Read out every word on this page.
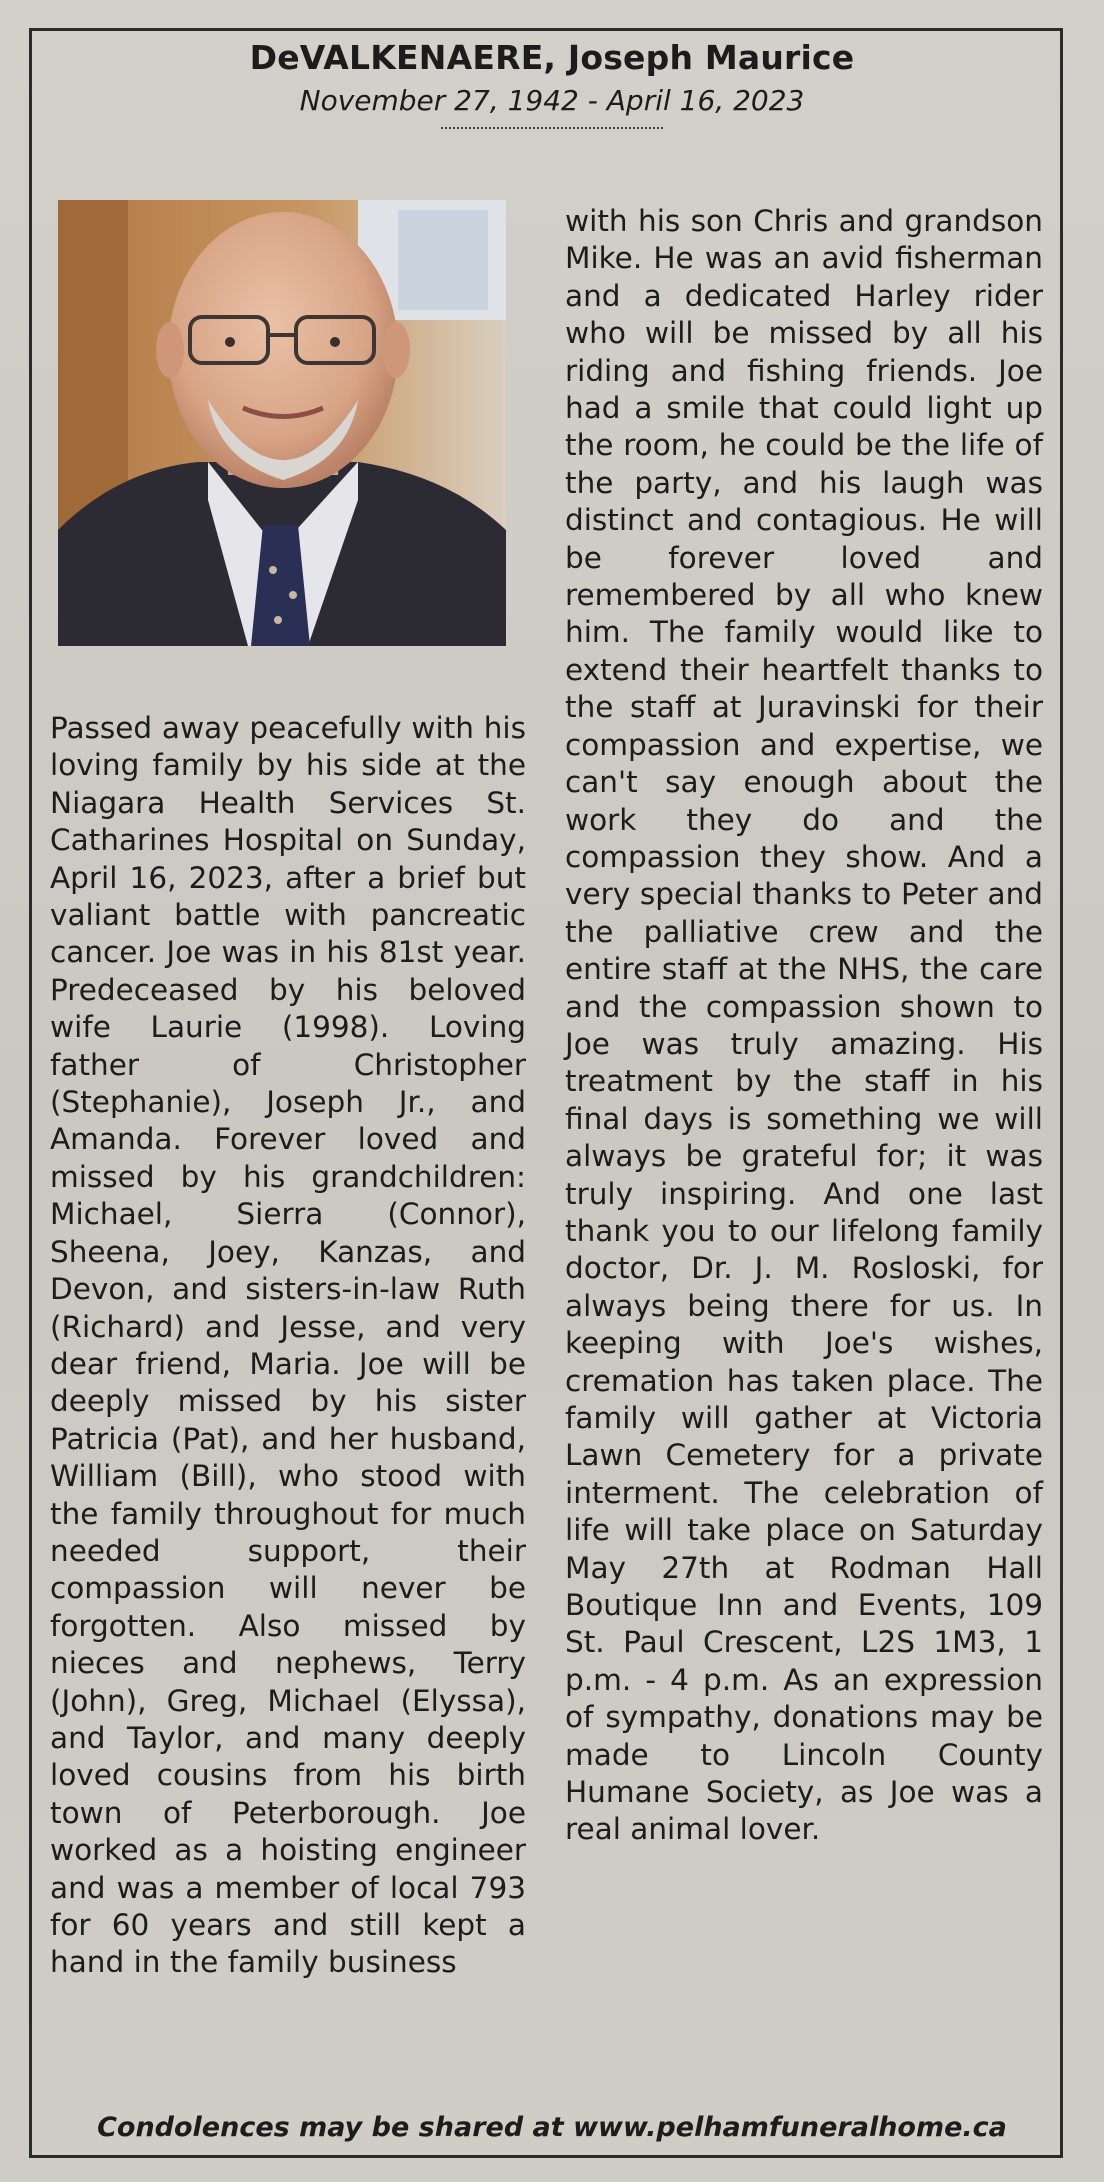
DeVALKENAERE, Joseph Maurice
November 27, 1942 - April 16, 2023
Passed away peacefully with his loving family by his side at the Niagara Health Services St. Catharines Hospital on Sunday, April 16, 2023, after a brief but valiant battle with pancreatic cancer. Joe was in his 81st year. Predeceased by his beloved wife Laurie (1998). Loving father of Christopher (Stephanie), Joseph Jr., and Amanda. Forever loved and missed by his grandchildren: Michael, Sierra (Connor), Sheena, Joey, Kanzas, and Devon, and sisters-in-law Ruth (Richard) and Jesse, and very dear friend, Maria. Joe will be deeply missed by his sister Patricia (Pat), and her husband, William (Bill), who stood with the family throughout for much needed support, their compassion will never be forgotten. Also missed by nieces and nephews, Terry (John), Greg, Michael (Elyssa), and Taylor, and many deeply loved cousins from his birth town of Peterborough. Joe worked as a hoisting engineer and was a member of local 793 for 60 years and still kept a hand in the family business
with his son Chris and grandson Mike. He was an avid fisherman and a dedicated Harley rider who will be missed by all his riding and fishing friends. Joe had a smile that could light up the room, he could be the life of the party, and his laugh was distinct and contagious. He will be forever loved and remembered by all who knew him. The family would like to extend their heartfelt thanks to the staff at Juravinski for their compassion and expertise, we can't say enough about the work they do and the compassion they show. And a very special thanks to Peter and the palliative crew and the entire staff at the NHS, the care and the compassion shown to Joe was truly amazing. His treatment by the staff in his final days is something we will always be grateful for; it was truly inspiring. And one last thank you to our lifelong family doctor, Dr. J. M. Rosloski, for always being there for us. In keeping with Joe's wishes, cremation has taken place. The family will gather at Victoria Lawn Cemetery for a private interment. The celebration of life will take place on Saturday May 27th at Rodman Hall Boutique Inn and Events, 109 St. Paul Crescent, L2S 1M3, 1 p.m. - 4 p.m. As an expression of sympathy, donations may be made to Lincoln County Humane Society, as Joe was a real animal lover.
Condolences may be shared at www.pelhamfuneralhome.ca
